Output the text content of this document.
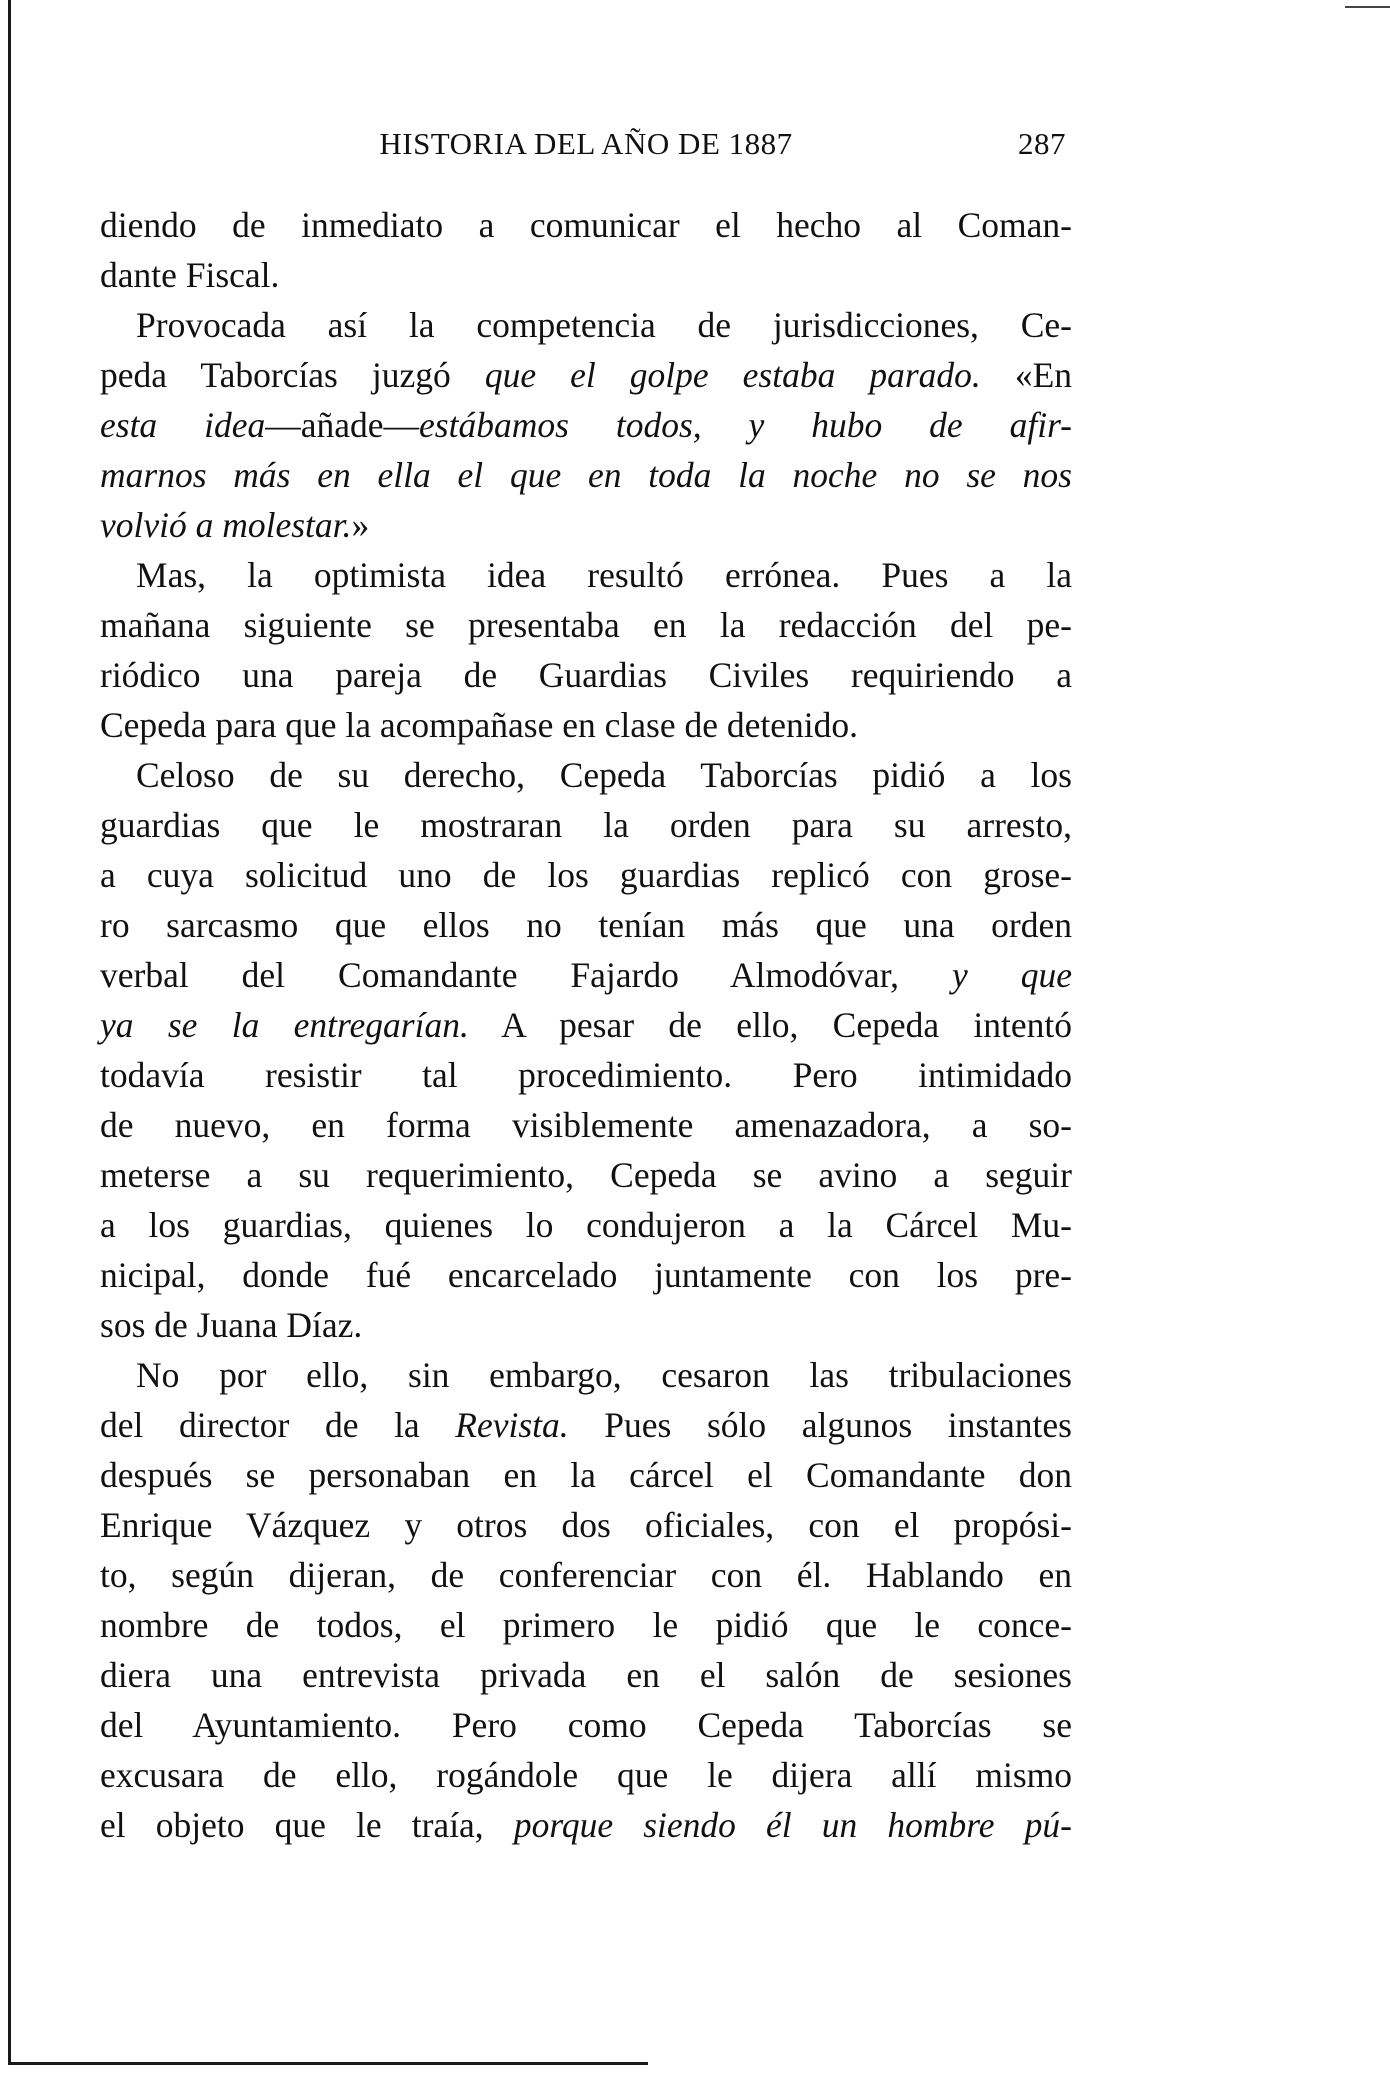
HISTORIA DEL AÑO DE 1887	287
diendo de inmediato a comunicar el hecho al Coman-
dante Fiscal.
Provocada así la competencia de jurisdicciones, Ce-
peda Taborcías juzgó que el golpe estaba parado. «En
esta idea—añade—estábamos todos, y hubo de afir-
marnos más en ella el que en toda la noche no se nos
volvió a molestar.»
Mas, la optimista idea resultó errónea. Pues a la
mañana siguiente se presentaba en la redacción del pe-
riódico una pareja de Guardias Civiles requiriendo a
Cepeda para que la acompañase en clase de detenido.
Celoso de su derecho, Cepeda Taborcías pidió a los
guardias que le mostraran la orden para su arresto,
a cuya solicitud uno de los guardias replicó con grose-
ro sarcasmo que ellos no tenían más que una orden
verbal del Comandante Fajardo Almodóvar, y que
ya se la entregarían. A pesar de ello, Cepeda intentó
todavía resistir tal procedimiento. Pero intimidado
de nuevo, en forma visiblemente amenazadora, a so-
meterse a su requerimiento, Cepeda se avino a seguir
a los guardias, quienes lo condujeron a la Cárcel Mu-
nicipal, donde fué encarcelado juntamente con los pre-
sos de Juana Díaz.
No por ello, sin embargo, cesaron las tribulaciones
del director de la Revista. Pues sólo algunos instantes
después se personaban en la cárcel el Comandante don
Enrique Vázquez y otros dos oficiales, con el propósi-
to, según dijeran, de conferenciar con él. Hablando en
nombre de todos, el primero le pidió que le conce-
diera una entrevista privada en el salón de sesiones
del Ayuntamiento. Pero como Cepeda Taborcías se
excusara de ello, rogándole que le dijera allí mismo
el objeto que le traía, porque siendo él un hombre pú-
